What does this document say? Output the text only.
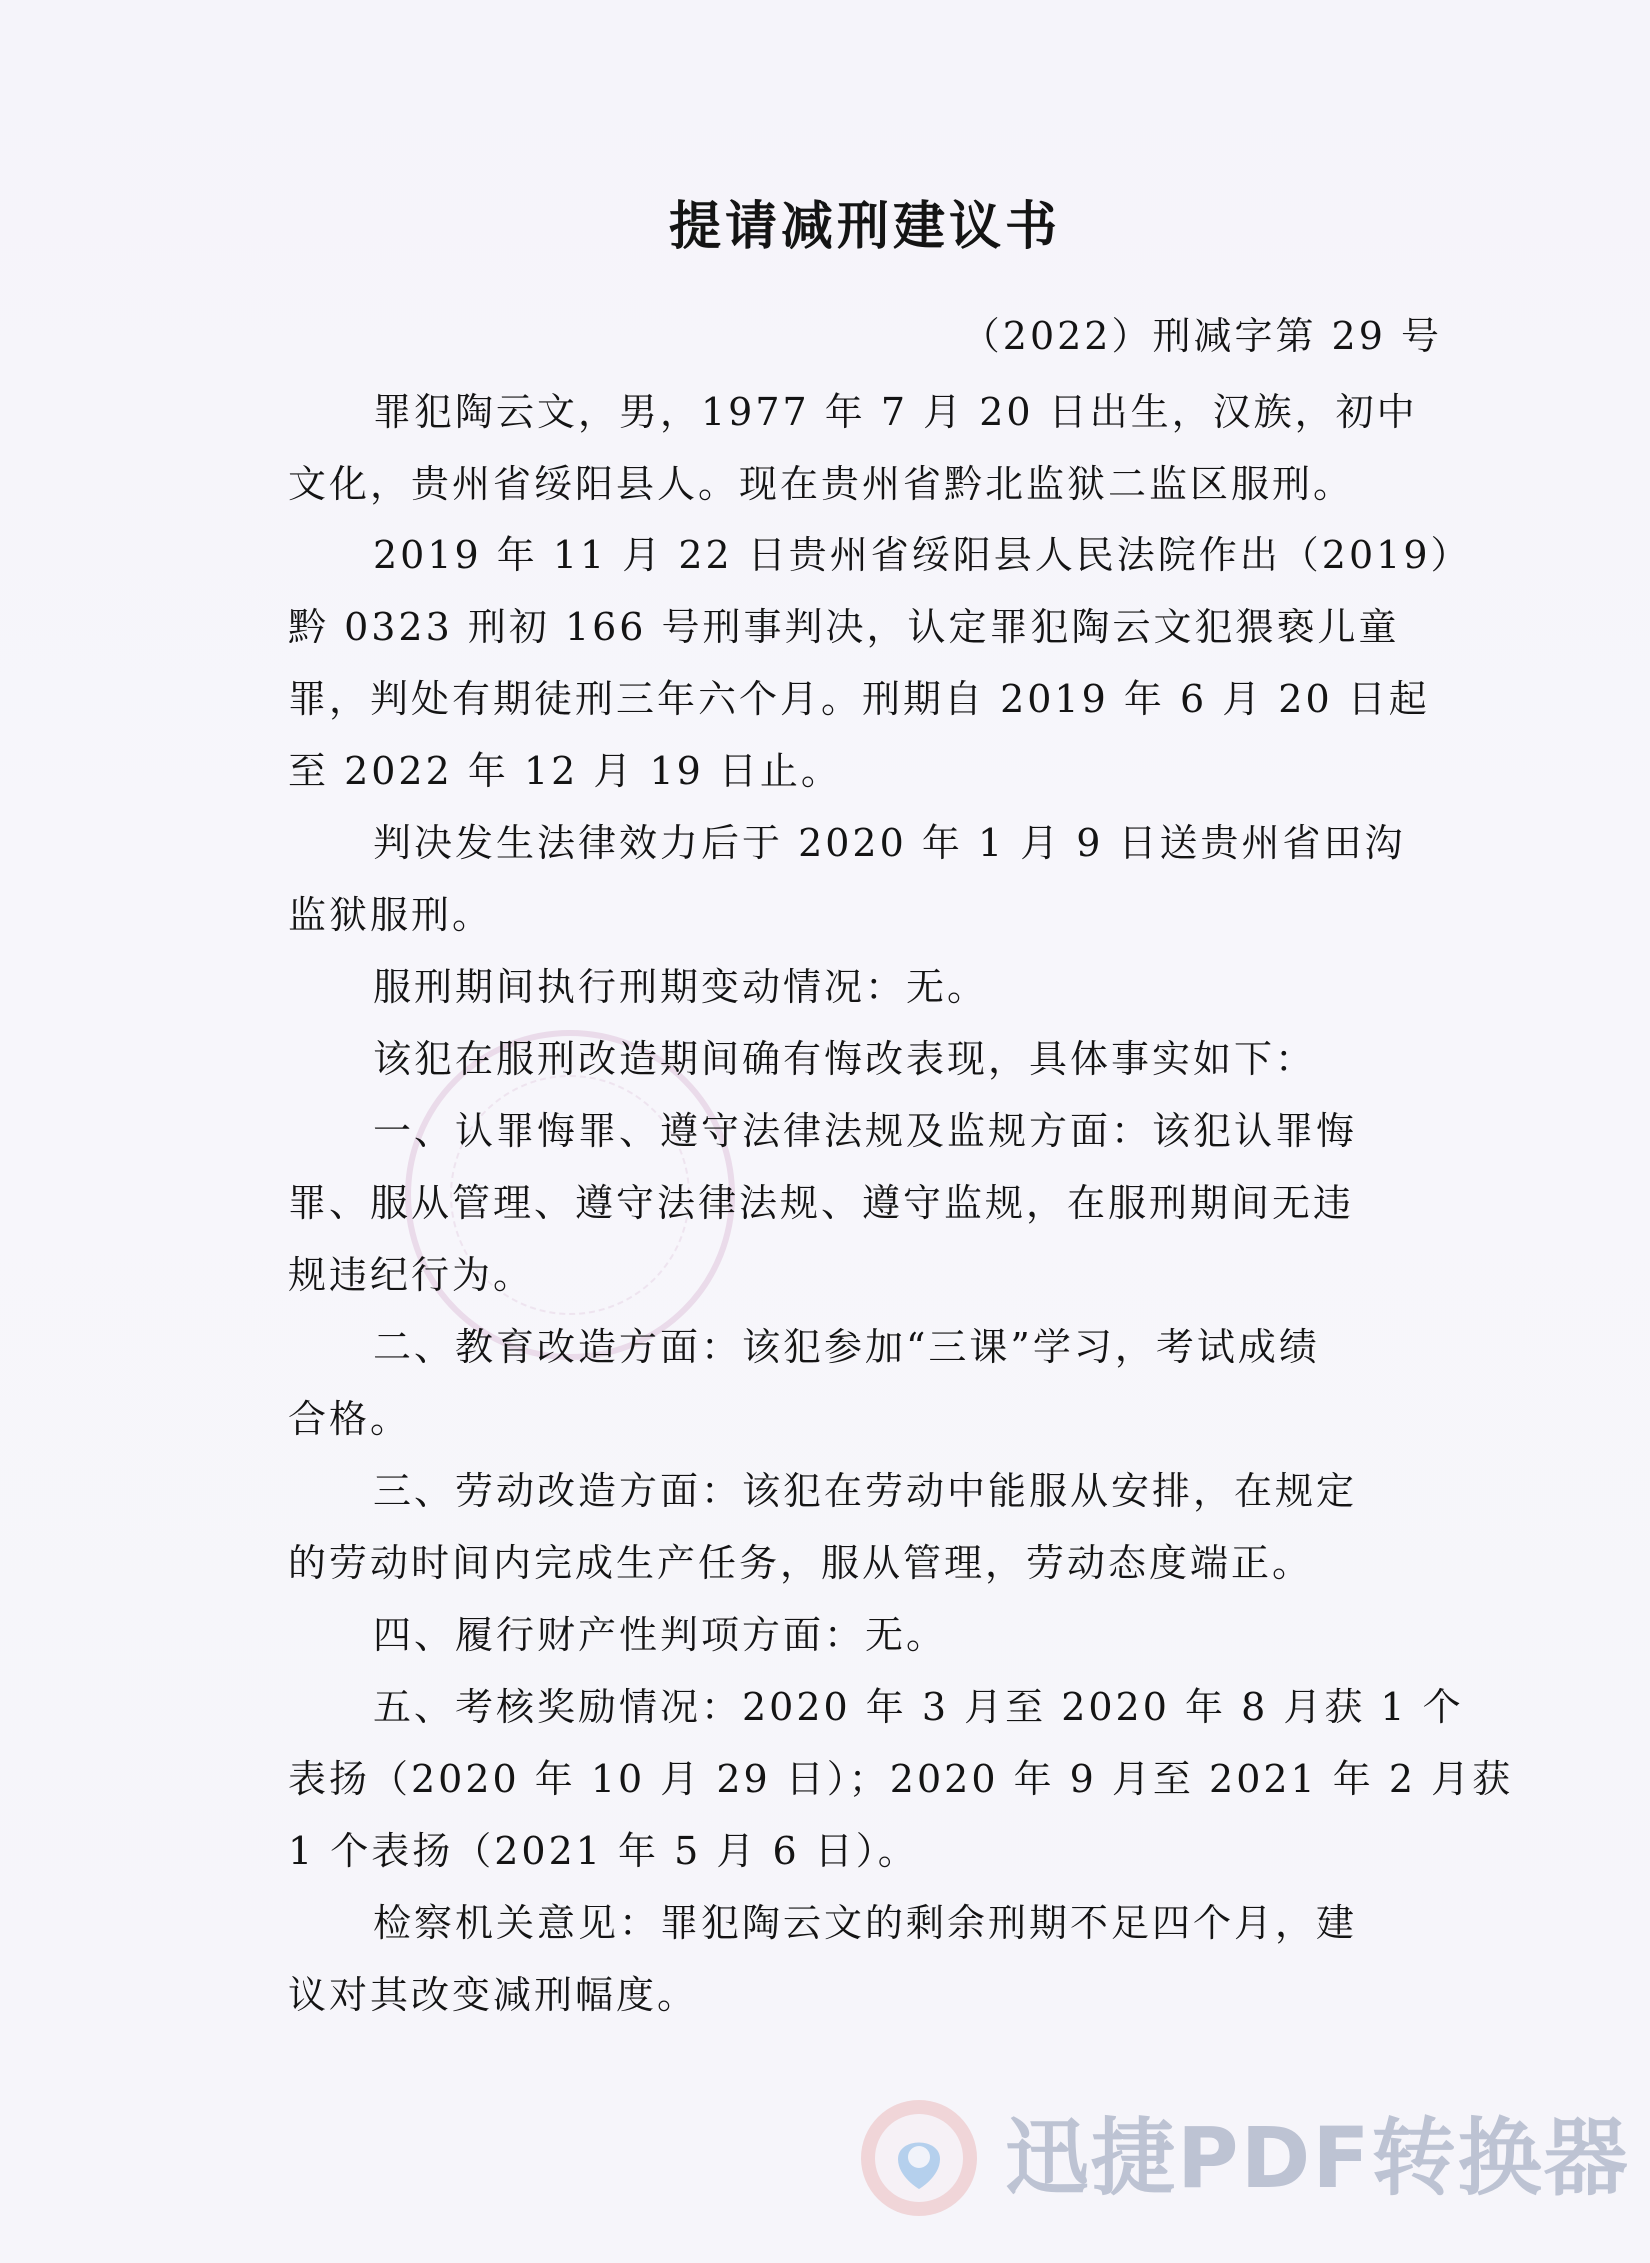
提请减刑建议书
（2022）刑减字第 29 号
罪犯陶云文，男，1977 年 7 月 20 日出生，汉族，初中
文化，贵州省绥阳县人。现在贵州省黔北监狱二监区服刑。
2019 年 11 月 22 日贵州省绥阳县人民法院作出（2019）
黔 0323 刑初 166 号刑事判决，认定罪犯陶云文犯猥亵儿童
罪，判处有期徒刑三年六个月。刑期自 2019 年 6 月 20 日起
至 2022 年 12 月 19 日止。
判决发生法律效力后于 2020 年 1 月 9 日送贵州省田沟
监狱服刑。
服刑期间执行刑期变动情况：无。
该犯在服刑改造期间确有悔改表现，具体事实如下：
一、认罪悔罪、遵守法律法规及监规方面：该犯认罪悔
罪、服从管理、遵守法律法规、遵守监规，在服刑期间无违
规违纪行为。
二、教育改造方面：该犯参加“三课”学习，考试成绩
合格。
三、劳动改造方面：该犯在劳动中能服从安排，在规定
的劳动时间内完成生产任务，服从管理，劳动态度端正。
四、履行财产性判项方面：无。
五、考核奖励情况：2020 年 3 月至 2020 年 8 月获 1 个
表扬（2020 年 10 月 29 日）；2020 年 9 月至 2021 年 2 月获
1 个表扬（2021 年 5 月 6 日）。
检察机关意见：罪犯陶云文的剩余刑期不足四个月，建
议对其改变减刑幅度。
迅捷PDF转换器
